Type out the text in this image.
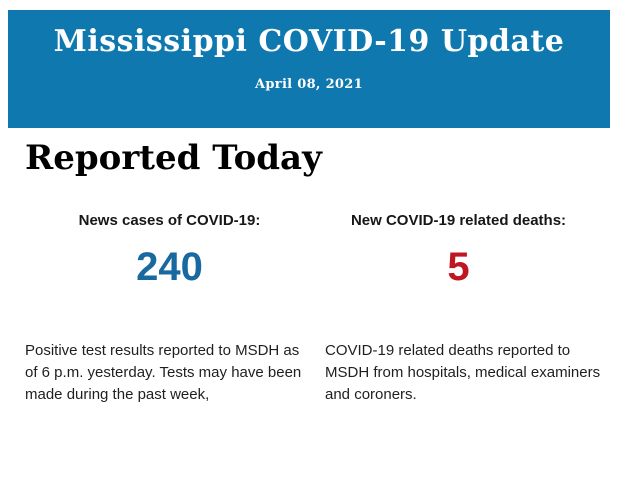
Mississippi COVID-19 Update
April 08, 2021
Reported Today
News cases of COVID-19:
240
New COVID-19 related deaths:
5

Positive test results reported to MSDH as
of 6 p.m. yesterday. Tests may have been
made during the past week,

COVID-19 related deaths reported to
MSDH from hospitals, medical examiners
and coroners.
